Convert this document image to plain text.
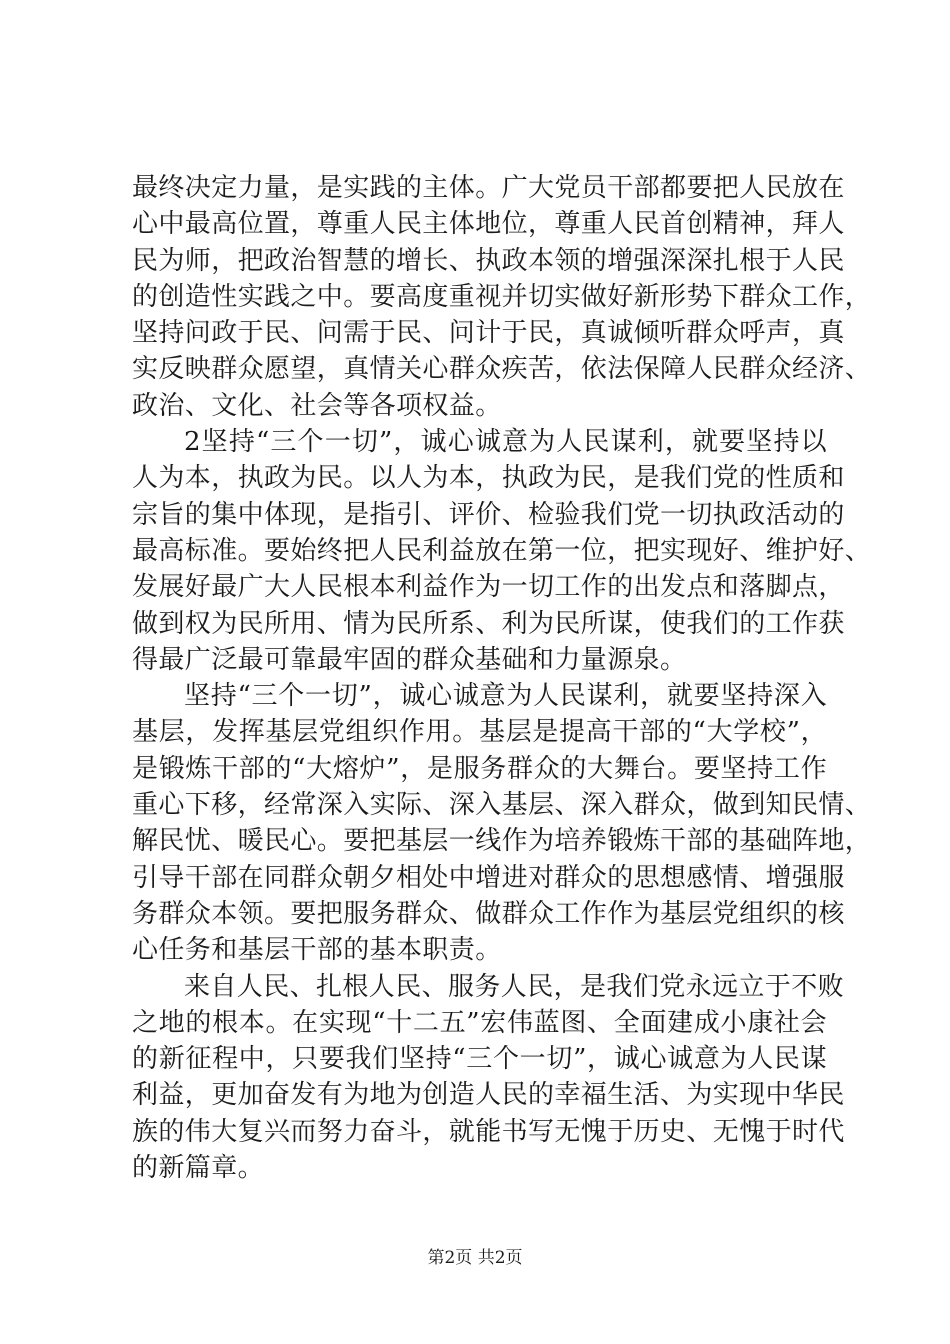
最终决定力量，是实践的主体。广大党员干部都要把人民放在
心中最高位置，尊重人民主体地位，尊重人民首创精神，拜人
民为师，把政治智慧的增长、执政本领的增强深深扎根于人民
的创造性实践之中。要高度重视并切实做好新形势下群众工作，
坚持问政于民、问需于民、问计于民，真诚倾听群众呼声，真
实反映群众愿望，真情关心群众疾苦，依法保障人民群众经济、
政治、文化、社会等各项权益。
2坚持“三个一切”，诚心诚意为人民谋利，就要坚持以
人为本，执政为民。以人为本，执政为民，是我们党的性质和
宗旨的集中体现，是指引、评价、检验我们党一切执政活动的
最高标准。要始终把人民利益放在第一位，把实现好、维护好、
发展好最广大人民根本利益作为一切工作的出发点和落脚点，
做到权为民所用、情为民所系、利为民所谋，使我们的工作获
得最广泛最可靠最牢固的群众基础和力量源泉。
坚持“三个一切”，诚心诚意为人民谋利，就要坚持深入
基层，发挥基层党组织作用。基层是提高干部的“大学校”，
是锻炼干部的“大熔炉”，是服务群众的大舞台。要坚持工作
重心下移，经常深入实际、深入基层、深入群众，做到知民情、
解民忧、暖民心。要把基层一线作为培养锻炼干部的基础阵地，
引导干部在同群众朝夕相处中增进对群众的思想感情、增强服
务群众本领。要把服务群众、做群众工作作为基层党组织的核
心任务和基层干部的基本职责。
来自人民、扎根人民、服务人民，是我们党永远立于不败
之地的根本。在实现“十二五”宏伟蓝图、全面建成小康社会
的新征程中，只要我们坚持“三个一切”，诚心诚意为人民谋
利益，更加奋发有为地为创造人民的幸福生活、为实现中华民
族的伟大复兴而努力奋斗，就能书写无愧于历史、无愧于时代
的新篇章。
第2页 共2页
